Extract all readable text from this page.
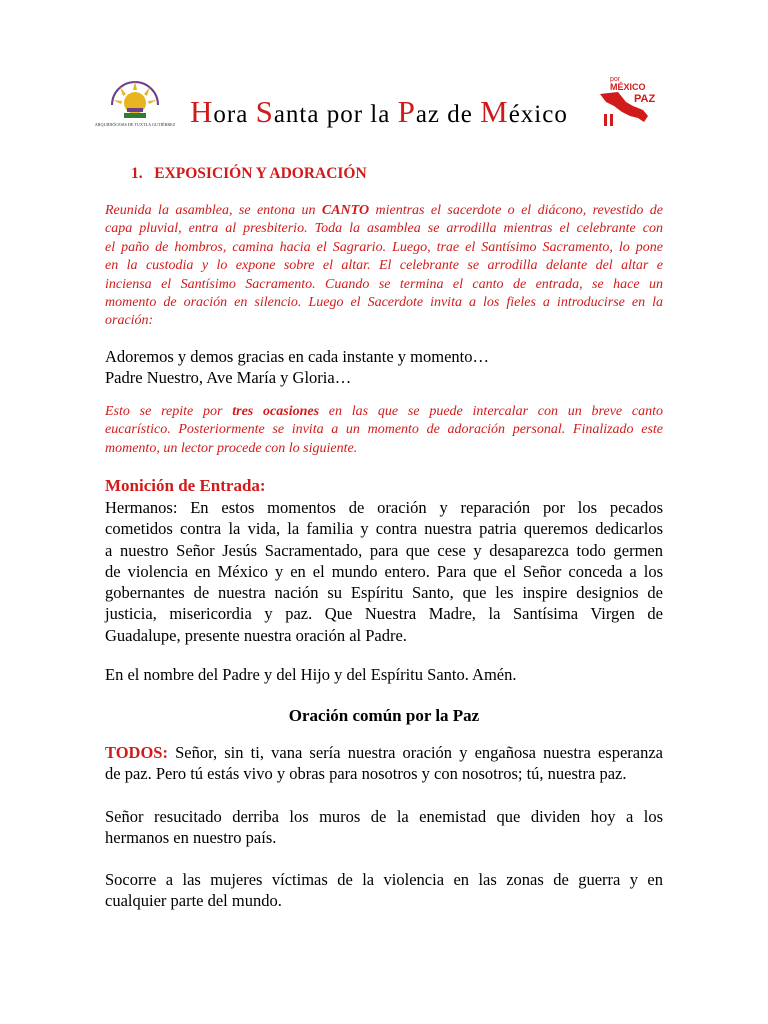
ARQUIDIÓCESIS DE TUXTLA GUTIÉRREZ Hora Santa por la Paz de México
por
MÉXICO
PAZ
1.   EXPOSICIÓN Y ADORACIÓN
Reunida la asamblea, se entona un CANTO mientras el sacerdote o el diácono, revestido de
capa pluvial, entra al presbiterio. Toda la asamblea se arrodilla mientras el celebrante con
el paño de hombros, camina hacia el Sagrario. Luego, trae el Santísimo Sacramento, lo pone
en la custodia y lo expone sobre el altar. El celebrante se arrodilla delante del altar e
inciensa el Santísimo Sacramento. Cuando se termina el canto de entrada, se hace un
momento de oración en silencio. Luego el Sacerdote invita a los fieles a introducirse en la
oración:
Adoremos y demos gracias en cada instante y momento…
Padre Nuestro, Ave María y Gloria…
Esto se repite por tres ocasiones en las que se puede intercalar con un breve canto
eucarístico. Posteriormente se invita a un momento de adoración personal. Finalizado este
momento, un lector procede con lo siguiente.
Monición de Entrada:
Hermanos: En estos momentos de oración y reparación por los pecados
cometidos contra la vida, la familia y contra nuestra patria queremos dedicarlos
a nuestro Señor Jesús Sacramentado, para que cese y desaparezca todo germen
de violencia en México y en el mundo entero. Para que el Señor conceda a los
gobernantes de nuestra nación su Espíritu Santo, que les inspire designios de
justicia, misericordia y paz. Que Nuestra Madre, la Santísima Virgen de
Guadalupe, presente nuestra oración al Padre.
En el nombre del Padre y del Hijo y del Espíritu Santo. Amén.
Oración común por la Paz
TODOS: Señor, sin ti, vana sería nuestra oración y engañosa nuestra esperanza
de paz. Pero tú estás vivo y obras para nosotros y con nosotros; tú, nuestra paz.
Señor resucitado derriba los muros de la enemistad que dividen hoy a los
hermanos en nuestro país.
Socorre a las mujeres víctimas de la violencia en las zonas de guerra y en
cualquier parte del mundo.
